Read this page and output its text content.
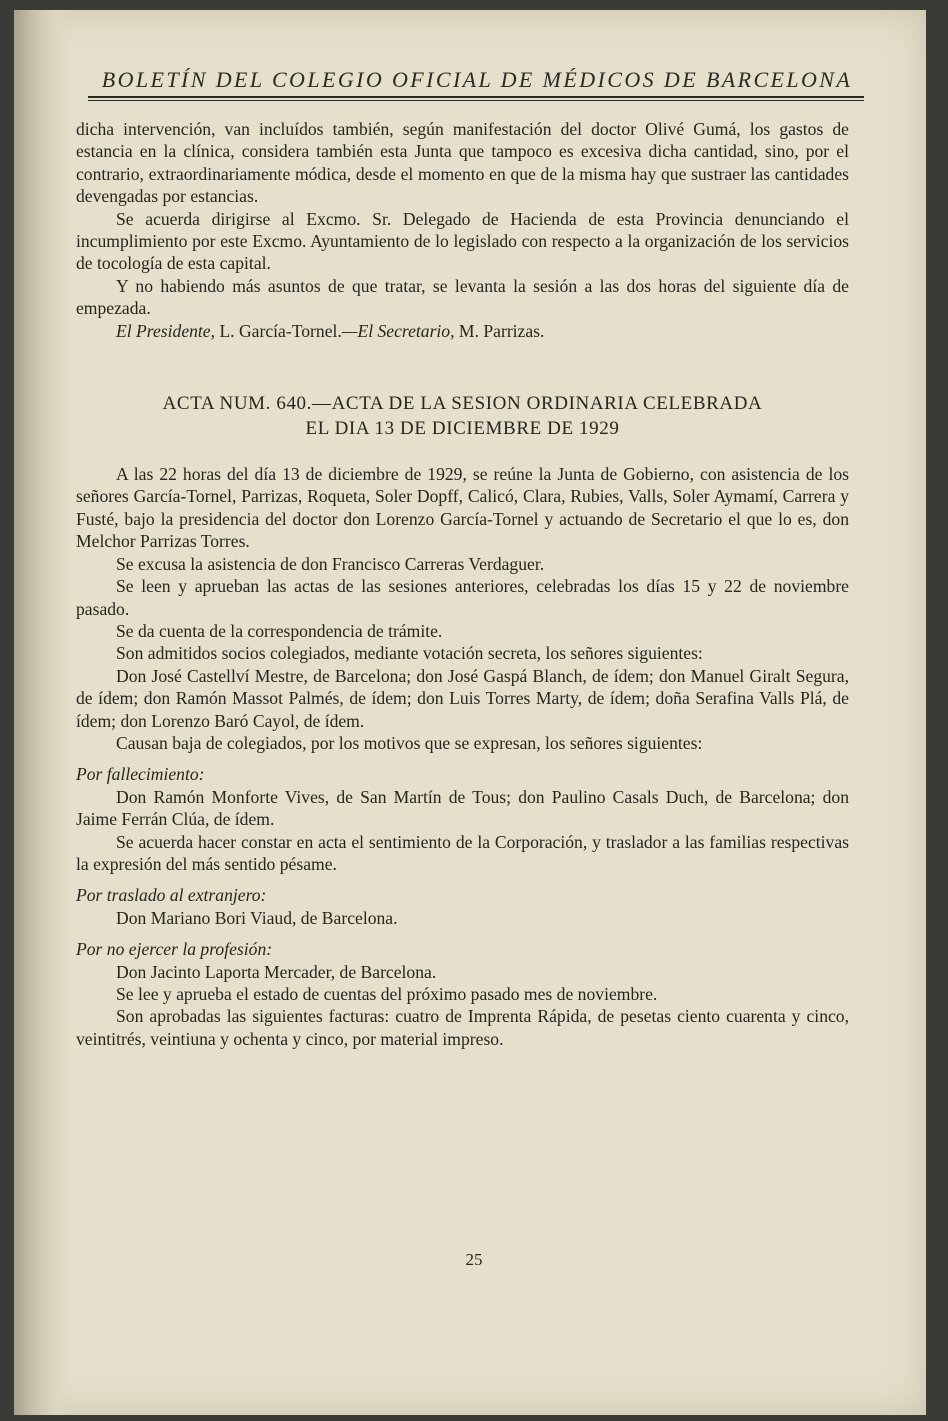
BOLETÍN DEL COLEGIO OFICIAL DE MÉDICOS DE BARCELONA

dicha intervención, van incluídos también, según manifestación del doctor Olivé Gumá, los gastos de estancia en la clínica, considera también esta Junta que tampoco es excesiva dicha cantidad, sino, por el contrario, extraordinariamente módica, desde el momento en que de la misma hay que sustraer las cantidades devengadas por estancias.

Se acuerda dirigirse al Excmo. Sr. Delegado de Hacienda de esta Provincia denunciando el incumplimiento por este Excmo. Ayuntamiento de lo legislado con respecto a la organización de los servicios de tocología de esta capital.

Y no habiendo más asuntos de que tratar, se levanta la sesión a las dos horas del siguiente día de empezada.

El Presidente, L. García-Tornel.—El Secretario, M. Parrizas.

ACTA NUM. 640.—ACTA DE LA SESION ORDINARIA CELEBRADA

EL DIA 13 DE DICIEMBRE DE 1929

A las 22 horas del día 13 de diciembre de 1929, se reúne la Junta de Gobierno, con asistencia de los señores García-Tornel, Parrizas, Roqueta, Soler Dopff, Calicó, Clara, Rubies, Valls, Soler Aymamí, Carrera y Fusté, bajo la presidencia del doctor don Lorenzo García-Tornel y actuando de Secretario el que lo es, don Melchor Parrizas Torres.

Se excusa la asistencia de don Francisco Carreras Verdaguer.

Se leen y aprueban las actas de las sesiones anteriores, celebradas los días 15 y 22 de noviembre pasado.

Se da cuenta de la correspondencia de trámite.

Son admitidos socios colegiados, mediante votación secreta, los señores siguientes:

Don José Castellví Mestre, de Barcelona; don José Gaspá Blanch, de ídem; don Manuel Giralt Segura, de ídem; don Ramón Massot Palmés, de ídem; don Luis Torres Marty, de ídem; doña Serafina Valls Plá, de ídem; don Lorenzo Baró Cayol, de ídem.

Causan baja de colegiados, por los motivos que se expresan, los señores siguientes:

Por fallecimiento:

Don Ramón Monforte Vives, de San Martín de Tous; don Paulino Casals Duch, de Barcelona; don Jaime Ferrán Clúa, de ídem.

Se acuerda hacer constar en acta el sentimiento de la Corporación, y traslador a las familias respectivas la expresión del más sentido pésame.

Por traslado al extranjero:

Don Mariano Bori Viaud, de Barcelona.

Por no ejercer la profesión:

Don Jacinto Laporta Mercader, de Barcelona.

Se lee y aprueba el estado de cuentas del próximo pasado mes de noviembre.

Son aprobadas las siguientes facturas: cuatro de Imprenta Rápida, de pesetas ciento cuarenta y cinco, veintitrés, veintiuna y ochenta y cinco, por material impreso.

25
